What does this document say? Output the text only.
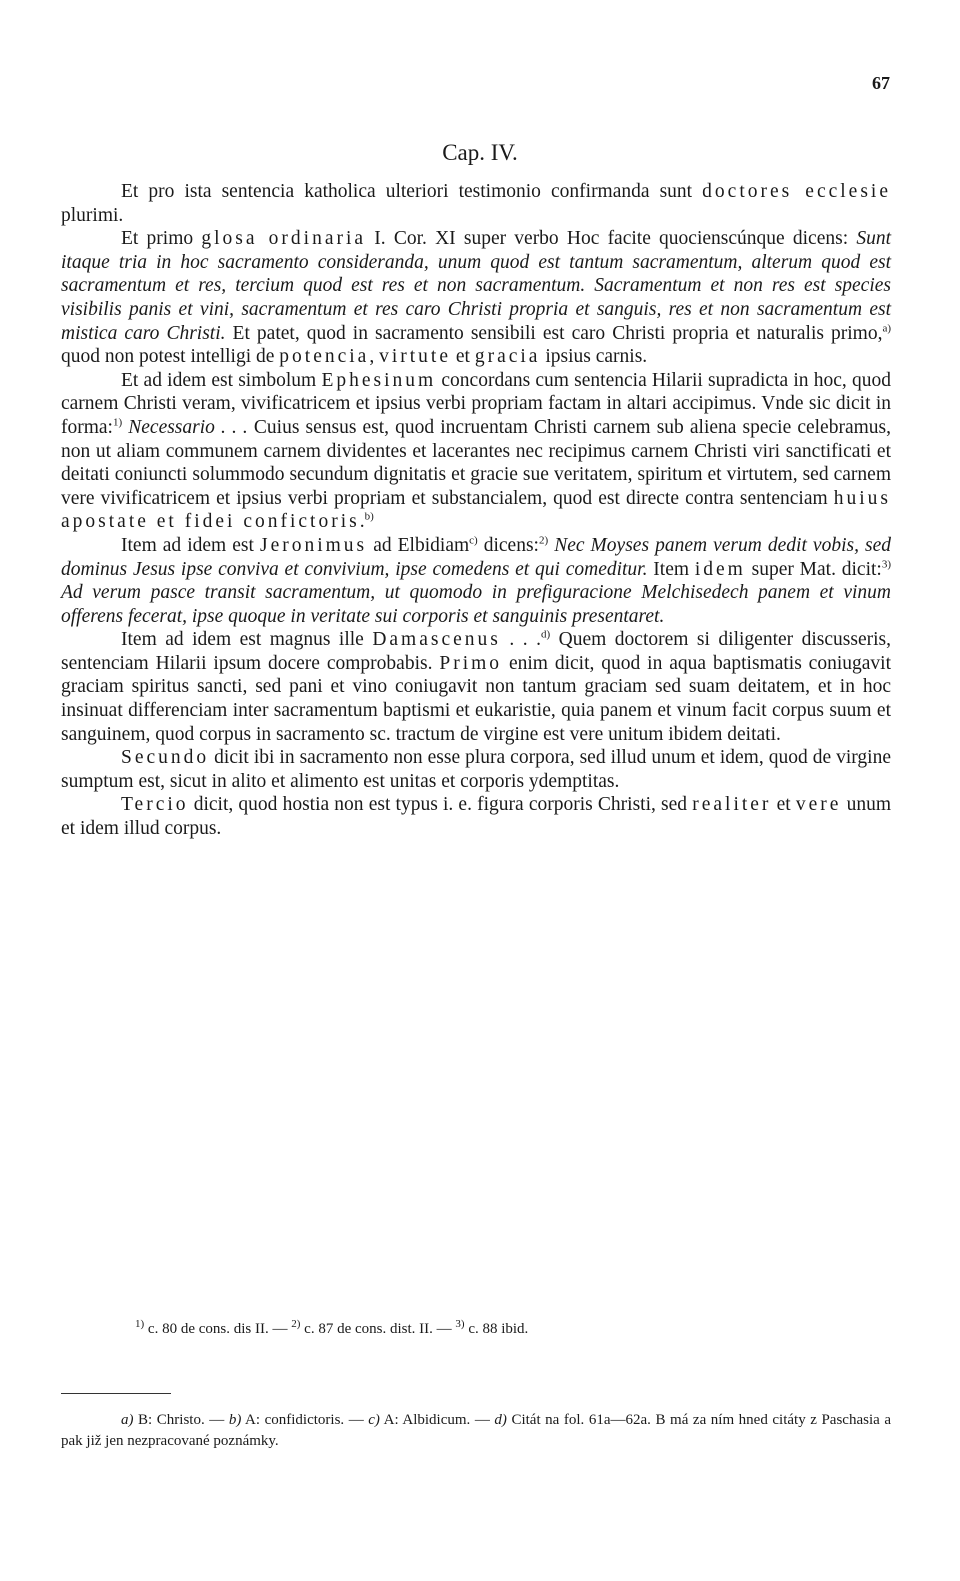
67
Cap. IV.

Et pro ista sentencia katholica ulteriori testimonio confirmanda sunt doctores ecclesie plurimi.

Et primo glosa ordinaria I. Cor. XI super verbo Hoc facite quocienscúnque dicens: Sunt itaque tria in hoc sacramento consideranda, unum quod est tantum sacramentum, alterum quod est sacramentum et res, tercium quod est res et non sacramentum. Sacramentum et non res est species visibilis panis et vini, sacramentum et res caro Christi propria et sanguis, res et non sacramentum est mistica caro Christi. Et patet, quod in sacramento sensibili est caro Christi propria et naturalis primo,$^{a)}$ quod non potest intelligi de potencia, virtute et gracia ipsius carnis.

Et ad idem est simbolum Ephesinum concordans cum sentencia Hilarii supradicta in hoc, quod carnem Christi veram, vivificatricem et ipsius verbi propriam factam in altari accipimus. Vnde sic dicit in forma:$^{1)}$ Necessario . . . Cuius sensus est, quod incruentam Christi carnem sub aliena specie celebramus, non ut aliam communem carnem dividentes et lacerantes nec recipimus carnem Christi viri sanctificati et deitati coniuncti solummodo secundum dignitatis et gracie sue veritatem, spiritum et virtutem, sed carnem vere vivificatricem et ipsius verbi propriam et substancialem, quod est directe contra sentenciam huius apostate et fidei confictoris.$^{b)}$

Item ad idem est Jeronimus ad Elbidiam$^{c)}$ dicens:$^{2)}$ Nec Moyses panem verum dedit vobis, sed dominus Jesus ipse conviva et convivium, ipse comedens et qui comeditur. Item idem super Mat. dicit:$^{3)}$ Ad verum pasce transit sacramentum, ut quomodo in prefiguracione Melchisedech panem et vinum offerens fecerat, ipse quoque in veritate sui corporis et sanguinis presentaret.

Item ad idem est magnus ille Damascenus . . .$^{d)}$ Quem doctorem si diligenter discusseris, sentenciam Hilarii ipsum docere comprobabis. Primo enim dicit, quod in aqua baptismatis coniugavit graciam spiritus sancti, sed pani et vino coniugavit non tantum graciam sed suam deitatem, et in hoc insinuat differenciam inter sacramentum baptismi et eukaristie, quia panem et vinum facit corpus suum et sanguinem, quod corpus in sacramento sc. tractum de virgine est vere unitum ibidem deitati.

Secundo dicit ibi in sacramento non esse plura corpora, sed illud unum et idem, quod de virgine sumptum est, sicut in alito et alimento est unitas et corporis ydemptitas.

Tercio dicit, quod hostia non est typus i. e. figura corporis Christi, sed realiter et vere unum et idem illud corpus.

$^{1)}$ c. 80 de cons. dis II. — $^{2)}$ c. 87 de cons. dist. II. — $^{3)}$ c. 88 ibid.
a) B: Christo. — b) A: confidictoris. — c) A: Albidicum. — d) Citát na fol. 61a—62a. B má za ním hned citáty z Paschasia a pak již jen nezpracované poznámky.
